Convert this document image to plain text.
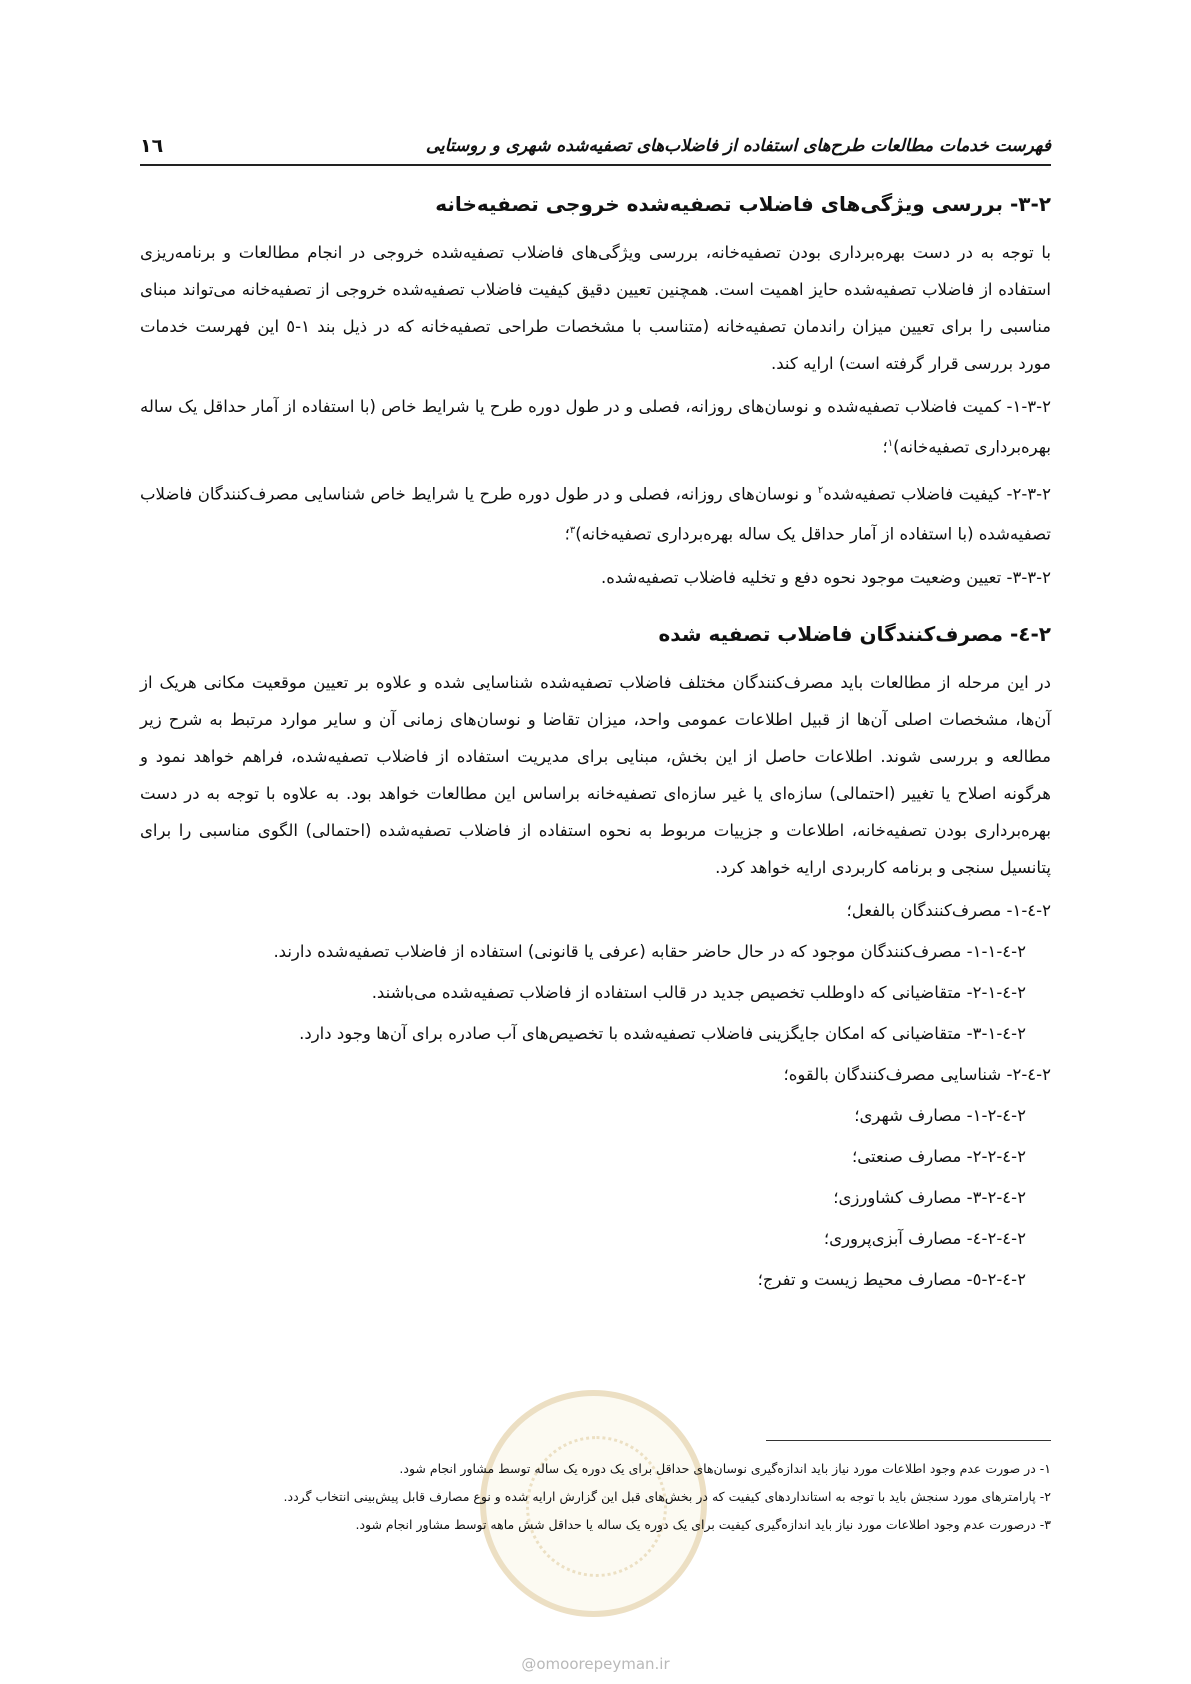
فهرست خدمات مطالعات طرح‌های استفاده از فاضلاب‌های تصفیه‌شده شهری و روستایی
١٦
٢-٣- بررسی ویژگی‌های فاضلاب تصفیه‌شده خروجی تصفیه‌خانه

با توجه به در دست بهره‌برداری بودن تصفیه‌خانه، بررسی ویژگی‌های فاضلاب تصفیه‌شده خروجی در انجام مطالعات و برنامه‌ریزی استفاده از فاضلاب تصفیه‌شده حایز اهمیت است. همچنین تعیین دقیق کیفیت فاضلاب تصفیه‌شده خروجی از تصفیه‌خانه می‌تواند مبنای مناسبی را برای تعیین میزان راندمان تصفیه‌خانه (متناسب با مشخصات طراحی تصفیه‌خانه که در ذیل بند ١-٥ این فهرست خدمات مورد بررسی قرار گرفته است) ارایه کند.

٢-٣-١- کمیت فاضلاب تصفیه‌شده و نوسان‌های روزانه، فصلی و در طول دوره طرح یا شرایط خاص (با استفاده از آمار حداقل یک ساله بهره‌برداری تصفیه‌خانه)$^١$؛

٢-٣-٢- کیفیت فاضلاب تصفیه‌شده$^٢$ و نوسان‌های روزانه، فصلی و در طول دوره طرح یا شرایط خاص شناسایی مصرف‌کنندگان فاضلاب تصفیه‌شده (با استفاده از آمار حداقل یک ساله بهره‌برداری تصفیه‌خانه)$^٣$؛

٢-٣-٣- تعیین وضعیت موجود نحوه دفع و تخلیه فاضلاب تصفیه‌شده.

٢-٤- مصرف‌کنندگان فاضلاب تصفیه شده

در این مرحله از مطالعات باید مصرف‌کنندگان مختلف فاضلاب تصفیه‌شده شناسایی شده و علاوه بر تعیین موقعیت مکانی هریک از آن‌ها، مشخصات اصلی آن‌ها از قبیل اطلاعات عمومی واحد، میزان تقاضا و نوسان‌های زمانی آن و سایر موارد مرتبط به شرح زیر مطالعه و بررسی شوند. اطلاعات حاصل از این بخش، مبنایی برای مدیریت استفاده از فاضلاب تصفیه‌شده، فراهم خواهد نمود و هرگونه اصلاح یا تغییر (احتمالی) سازه‌ای یا غیر سازه‌ای تصفیه‌خانه براساس این مطالعات خواهد بود. به علاوه با توجه به در دست بهره‌برداری بودن تصفیه‌خانه، اطلاعات و جزییات مربوط به نحوه استفاده از فاضلاب تصفیه‌شده (احتمالی) الگوی مناسبی را برای پتانسیل سنجی و برنامه کاربردی ارایه خواهد کرد.

٢-٤-١- مصرف‌کنندگان بالفعل؛

٢-٤-١-١- مصرف‌کنندگان موجود که در حال حاضر حقابه (عرفی یا قانونی) استفاده از فاضلاب تصفیه‌شده دارند.

٢-٤-١-٢- متقاضیانی که داوطلب تخصیص جدید در قالب استفاده از فاضلاب تصفیه‌شده می‌باشند.

٢-٤-١-٣- متقاضیانی که امکان جایگزینی فاضلاب تصفیه‌شده با تخصیص‌های آب صادره برای آن‌ها وجود دارد.

٢-٤-٢- شناسایی مصرف‌کنندگان بالقوه؛

٢-٤-٢-١- مصارف شهری؛

٢-٤-٢-٢- مصارف صنعتی؛

٢-٤-٢-٣- مصارف کشاورزی؛

٢-٤-٢-٤- مصارف آبزی‌پروری؛

٢-٤-٢-٥- مصارف محیط زیست و تفرج؛

١- در صورت عدم وجود اطلاعات مورد نیاز باید اندازه‌گیری نوسان‌های حداقل برای یک دوره یک ساله توسط مشاور انجام شود.

٢- پارامترهای مورد سنجش باید با توجه به استانداردهای کیفیت که در بخش‌های قبل این گزارش ارایه شده و نوع مصارف قابل پیش‌بینی انتخاب گردد.

٣- درصورت عدم وجود اطلاعات مورد نیاز باید اندازه‌گیری کیفیت برای یک دوره یک ساله یا حداقل شش ماهه توسط مشاور انجام شود.

@omoorepeyman.ir
